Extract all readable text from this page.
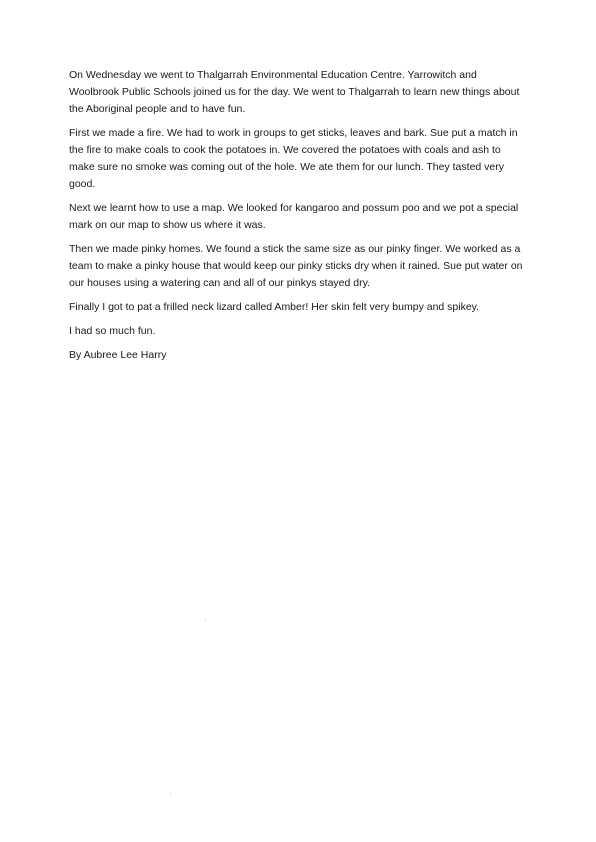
On Wednesday we went to Thalgarrah Environmental Education Centre. Yarrowitch and Woolbrook Public Schools joined us for the day. We went to Thalgarrah to learn new things about the Aboriginal people and to have fun.

First we made a fire. We had to work in groups to get sticks, leaves and bark. Sue put a match in the fire to make coals to cook the potatoes in. We covered the potatoes with coals and ash to make sure no smoke was coming out of the hole. We ate them for our lunch. They tasted very good.

Next we learnt how to use a map. We looked for kangaroo and possum poo and we pot a special mark on our map to show us where it was.

Then we made pinky homes. We found a stick the same size as our pinky finger. We worked as a team to make a pinky house that would keep our pinky sticks dry when it rained. Sue put water on our houses using a watering can and all of our pinkys stayed dry.

Finally I got to pat a frilled neck lizard called Amber! Her skin felt very bumpy and spikey.

I had so much fun.

By Aubree Lee Harry
